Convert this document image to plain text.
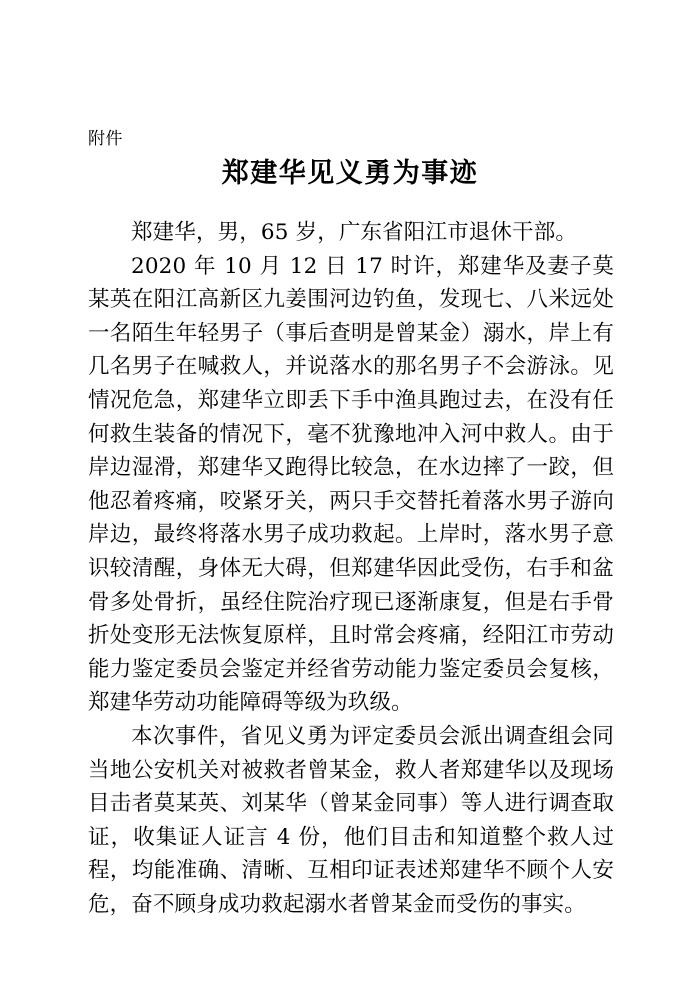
附件
郑建华见义勇为事迹

郑建华，男，65 岁，广东省阳江市退休干部。

2020 年 10 月 12 日 17 时许，郑建华及妻子莫某英在阳江高新区九姜围河边钓鱼，发现七、八米远处一名陌生年轻男子（事后查明是曾某金）溺水，岸上有几名男子在喊救人，并说落水的那名男子不会游泳。见情况危急，郑建华立即丢下手中渔具跑过去，在没有任何救生装备的情况下，毫不犹豫地冲入河中救人。由于岸边湿滑，郑建华又跑得比较急，在水边摔了一跤，但他忍着疼痛，咬紧牙关，两只手交替托着落水男子游向岸边，最终将落水男子成功救起。上岸时，落水男子意识较清醒，身体无大碍，但郑建华因此受伤，右手和盆骨多处骨折，虽经住院治疗现已逐渐康复，但是右手骨折处变形无法恢复原样，且时常会疼痛，经阳江市劳动能力鉴定委员会鉴定并经省劳动能力鉴定委员会复核，郑建华劳动功能障碍等级为玖级。

本次事件，省见义勇为评定委员会派出调查组会同当地公安机关对被救者曾某金，救人者郑建华以及现场目击者莫某英、刘某华（曾某金同事）等人进行调查取证，收集证人证言 4 份，他们目击和知道整个救人过程，均能准确、清晰、互相印证表述郑建华不顾个人安危，奋不顾身成功救起溺水者曾某金而受伤的事实。
